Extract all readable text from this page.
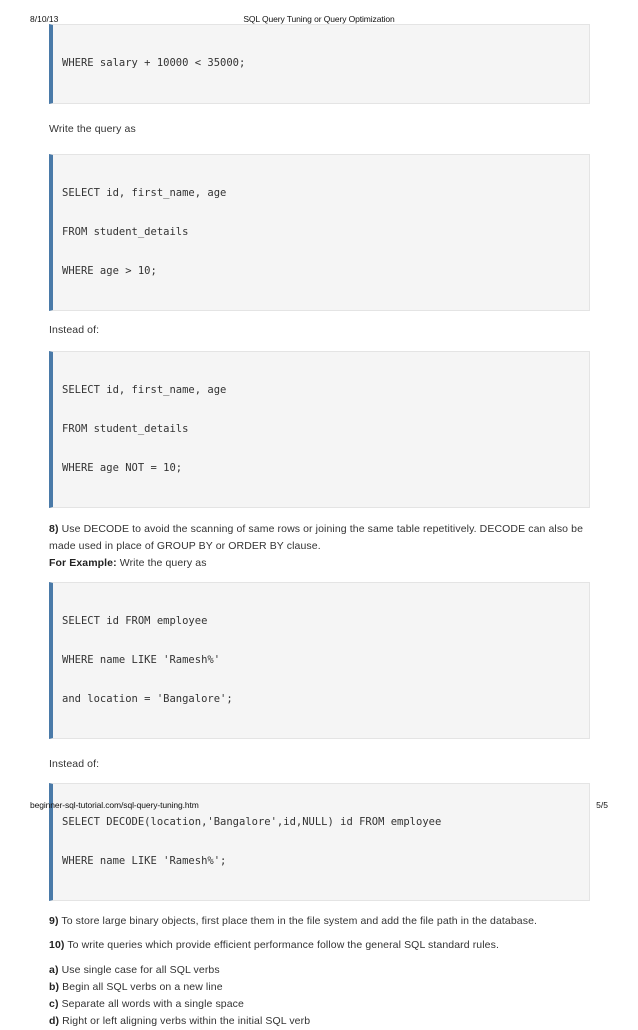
8/10/13	SQL Query Tuning or Query Optimization

WHERE salary + 10000 < 35000;

Write the query as

SELECT id, first_name, age

FROM student_details

WHERE age > 10;

Instead of:

SELECT id, first_name, age

FROM student_details

WHERE age NOT = 10;

8) Use DECODE to avoid the scanning of same rows or joining the same table repetitively. DECODE can also be

made used in place of GROUP BY or ORDER BY clause.

For Example: Write the query as

SELECT id FROM employee

WHERE name LIKE 'Ramesh%'

and location = 'Bangalore';

Instead of:

SELECT DECODE(location,'Bangalore',id,NULL) id FROM employee

WHERE name LIKE 'Ramesh%';

9) To store large binary objects, first place them in the file system and add the file path in the database.

10) To write queries which provide efficient performance follow the general SQL standard rules.

a) Use single case for all SQL verbs

b) Begin all SQL verbs on a new line

c) Separate all words with a single space

d) Right or left aligning verbs within the initial SQL verb

beginner-sql-tutorial.com/sql-query-tuning.htm	5/5
